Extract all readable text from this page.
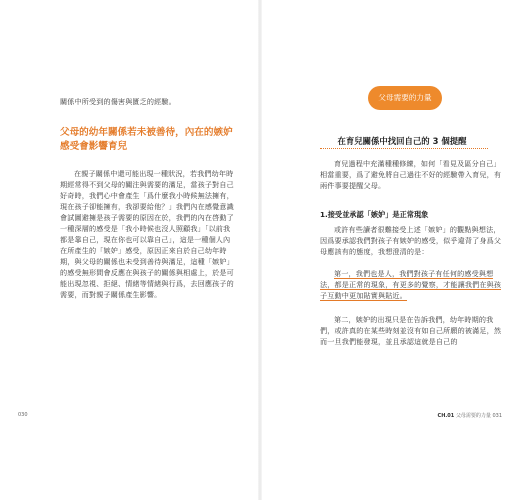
關係中所受到的傷害與匱乏的經驗。
父母的幼年關係若未被善待，內在的嫉妒感受會影響育兒
在親子關係中還可能出現一種狀況，若我們幼年時期經常得不到父母的關注與需要的滿足，當孩子對自己好奇時，我們心中會產生「爲什麼我小時候無法擁有，現在孩子卻能擁有，我卻要給他？」我們內在感覺意識會試圖避擁是孩子需要的原因在於，我們的內在啓動了一種深層的感受是「我小時候也沒人照顧我」「以前我都是靠自己，現在你也可以靠自己」，這是一種個人內在所產生的「嫉妒」感受，原因正來自於自己幼年時期，與父母的關係也未受到善待與滿足，這種「嫉妒」的感受無形間會反應在與孩子的關係與相處上，於是可能出現忽視、拒絕、情緒等情緒與行爲，去回應孩子的需要，而對親子關係產生影響。
030
父母需要的力量
在育兒關係中找回自己的 3 個提醒
育兒過程中充滿種種修練，如何「看見及區分自己」相當重要，爲了避免將自己過往不好的經驗帶入育兒，有兩件事要提醒父母。
1.接受並承認「嫉妒」是正常現象
或許有些讀者很難接受上述「嫉妒」的觀點與想法，因爲要承認我們對孩子有嫉妒的感受，似乎違背了身爲父母應該有的態度，我想澄清的是：
第一，我們也是人，我們對孩子有任何的感受與想法，都是正常的現象，有更多的覺察，才能讓我們在與孩子互動中更加貼實與貼近。
第二，嫉妒的出現只是在告訴我們，幼年時期的我們，或許真的在某些時刻並沒有如自己所願的被滿足，然而一旦我們能發現，並且承認這就是自己的
CH.01 父母需要的力量 031
